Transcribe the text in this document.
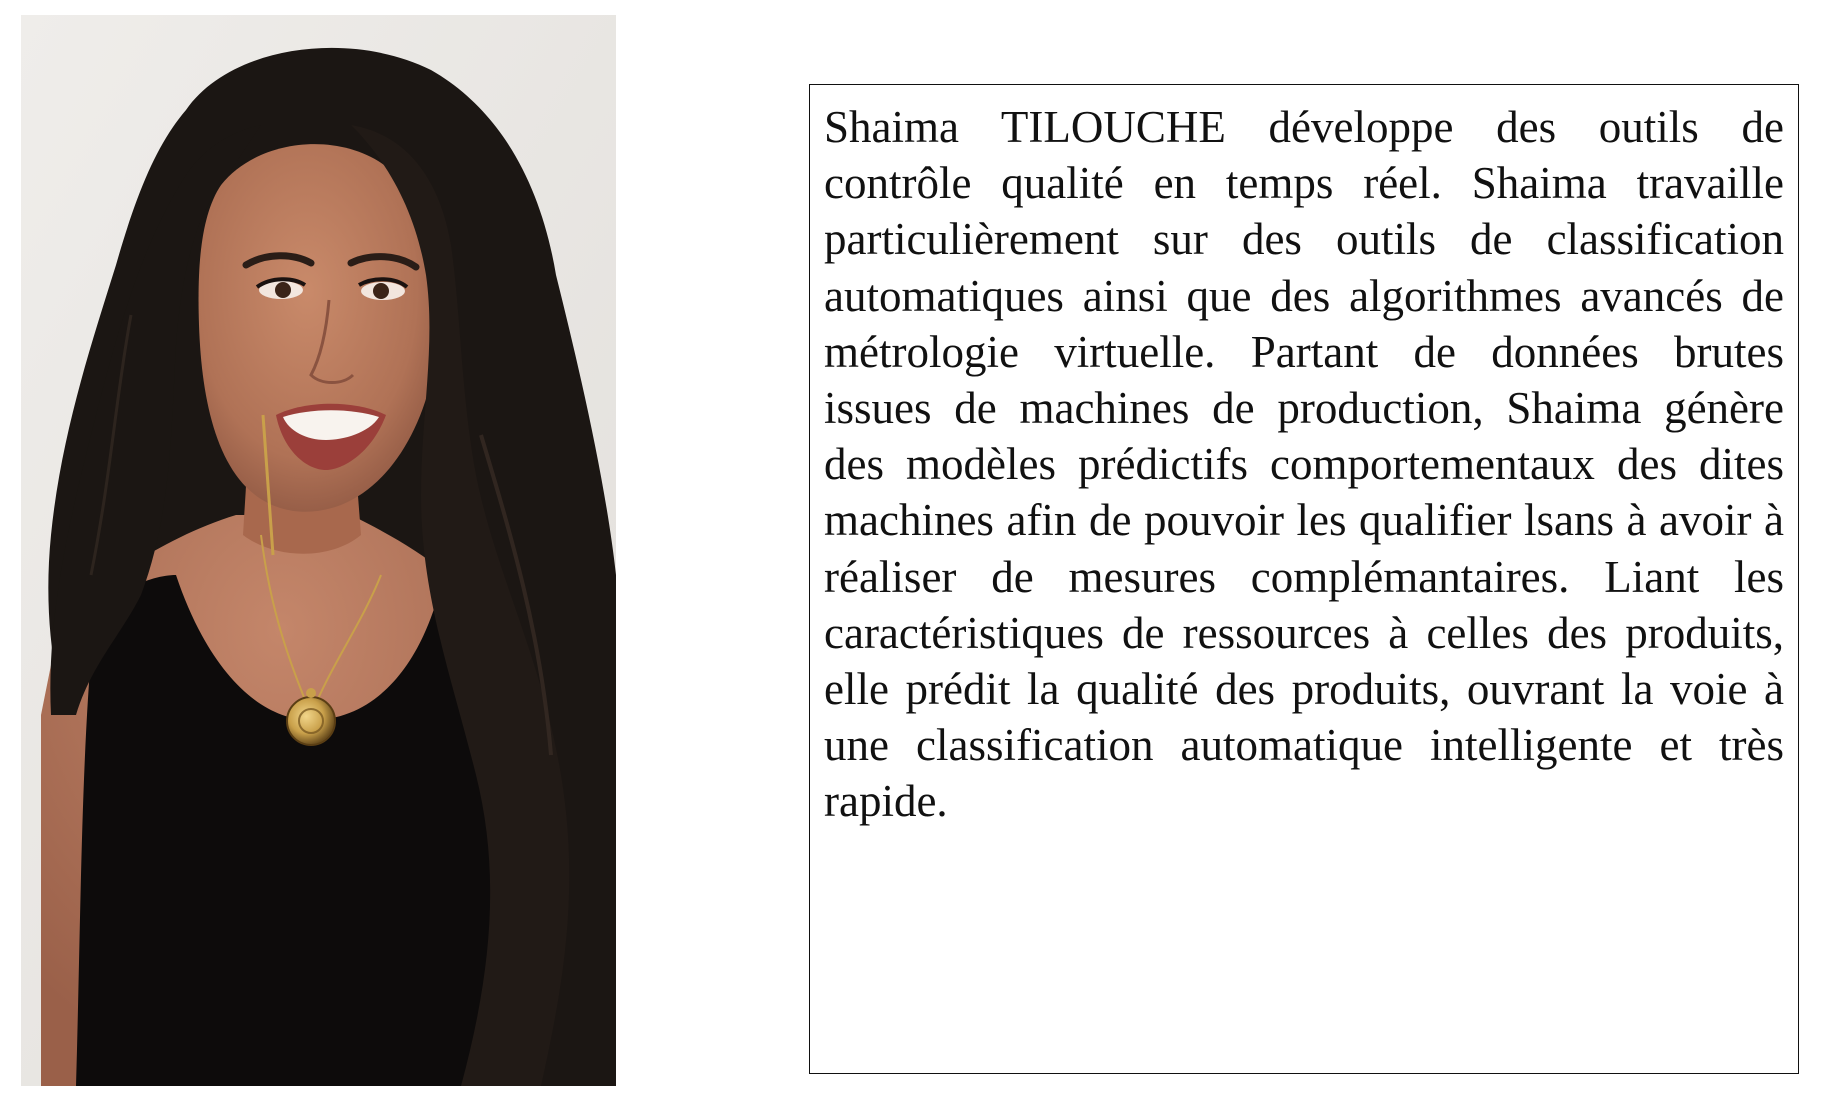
Shaima TILOUCHE développe des outils de contrôle qualité en temps réel. Shaima travaille particulièrement sur des outils de classification automatiques ainsi que des algorithmes avancés de métrologie virtuelle. Partant de données brutes issues de machines de production, Shaima génère des modèles prédictifs comportementaux des dites machines afin de pouvoir les qualifier lsans à avoir à réaliser de mesures complémantaires. Liant les caractéristiques de ressources à celles des produits, elle prédit la qualité des produits, ouvrant la voie à une classification automatique intelligente et très rapide.
